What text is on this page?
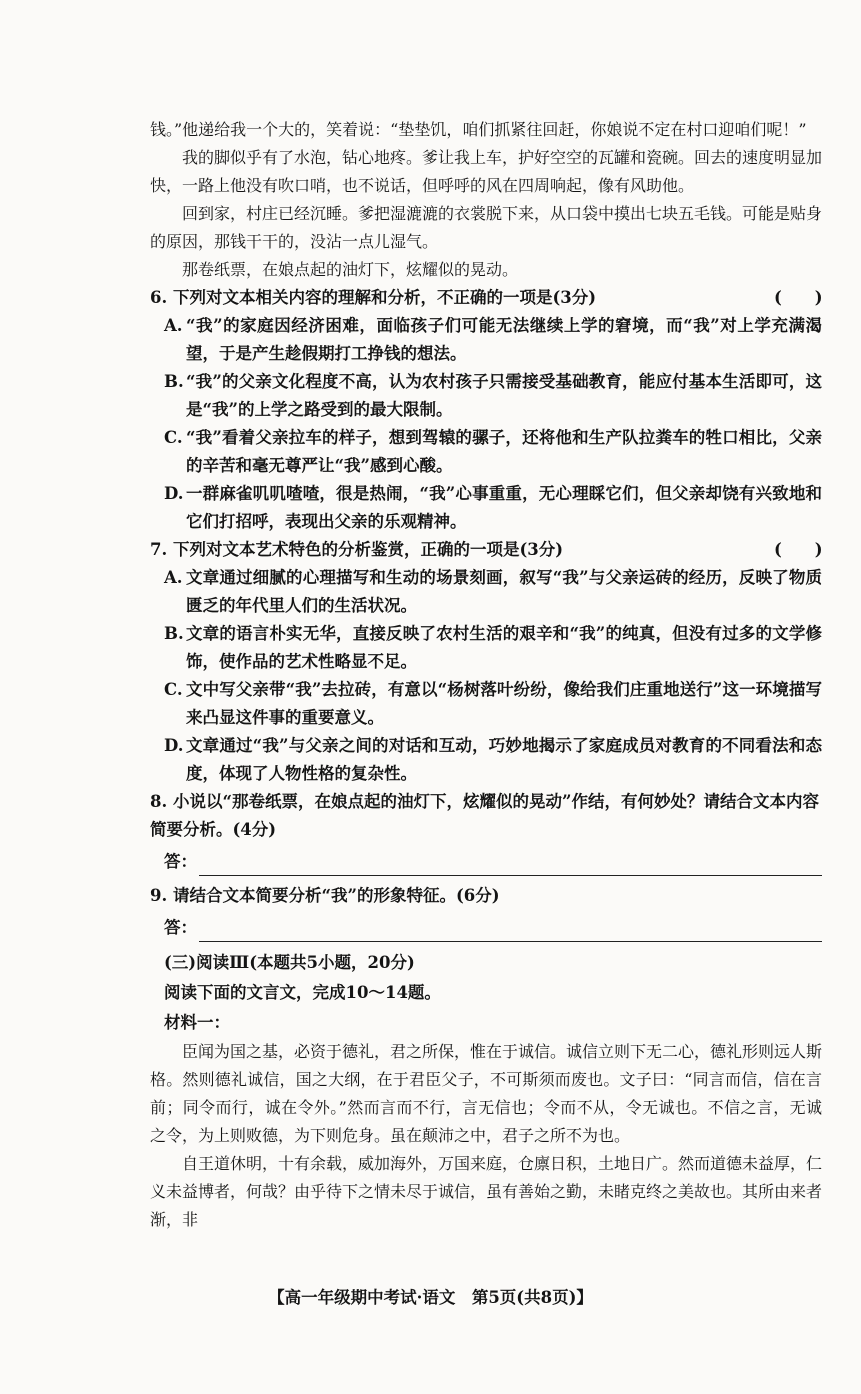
钱。”他递给我一个大的，笑着说：“垫垫饥，咱们抓紧往回赶，你娘说不定在村口迎咱们呢！”

我的脚似乎有了水泡，钻心地疼。爹让我上车，护好空空的瓦罐和瓷碗。回去的速度明显加快，一路上他没有吹口哨，也不说话，但呼呼的风在四周响起，像有风助他。

回到家，村庄已经沉睡。爹把湿漉漉的衣裳脱下来，从口袋中摸出七块五毛钱。可能是贴身的原因，那钱干干的，没沾一点儿湿气。

那卷纸票，在娘点起的油灯下，炫耀似的晃动。

6. 下列对文本相关内容的理解和分析，不正确的一项是(3分)	(　　)
A. “我”的家庭因经济困难，面临孩子们可能无法继续上学的窘境，而“我”对上学充满渴望，于是产生趁假期打工挣钱的想法。
B. “我”的父亲文化程度不高，认为农村孩子只需接受基础教育，能应付基本生活即可，这是“我”的上学之路受到的最大限制。
C. “我”看着父亲拉车的样子，想到驾辕的骡子，还将他和生产队拉粪车的牲口相比，父亲的辛苦和毫无尊严让“我”感到心酸。
D. 一群麻雀叽叽喳喳，很是热闹，“我”心事重重，无心理睬它们，但父亲却饶有兴致地和它们打招呼，表现出父亲的乐观精神。
7. 下列对文本艺术特色的分析鉴赏，正确的一项是(3分)	(　　)
A. 文章通过细腻的心理描写和生动的场景刻画，叙写“我”与父亲运砖的经历，反映了物质匮乏的年代里人们的生活状况。
B. 文章的语言朴实无华，直接反映了农村生活的艰辛和“我”的纯真，但没有过多的文学修饰，使作品的艺术性略显不足。
C. 文中写父亲带“我”去拉砖，有意以“杨树落叶纷纷，像给我们庄重地送行”这一环境描写来凸显这件事的重要意义。
D. 文章通过“我”与父亲之间的对话和互动，巧妙地揭示了家庭成员对教育的不同看法和态度，体现了人物性格的复杂性。
8. 小说以“那卷纸票，在娘点起的油灯下，炫耀似的晃动”作结，有何妙处？请结合文本内容简要分析。(4分)
答：
9. 请结合文本简要分析“我”的形象特征。(6分)
答：

(三)阅读Ⅲ(本题共5小题，20分)

阅读下面的文言文，完成10～14题。

材料一：

臣闻为国之基，必资于德礼，君之所保，惟在于诚信。诚信立则下无二心，德礼形则远人斯格。然则德礼诚信，国之大纲，在于君臣父子，不可斯须而废也。文子曰：“同言而信，信在言前；同令而行，诚在令外。”然而言而不行，言无信也；令而不从，令无诚也。不信之言，无诚之令，为上则败德，为下则危身。虽在颠沛之中，君子之所不为也。

自王道休明，十有余载，威加海外，万国来庭，仓廪日积，土地日广。然而道德未益厚，仁义未益博者，何哉？由乎待下之情未尽于诚信，虽有善始之勤，未睹克终之美故也。其所由来者渐，非

【高一年级期中考试·语文　第5页(共8页)】
